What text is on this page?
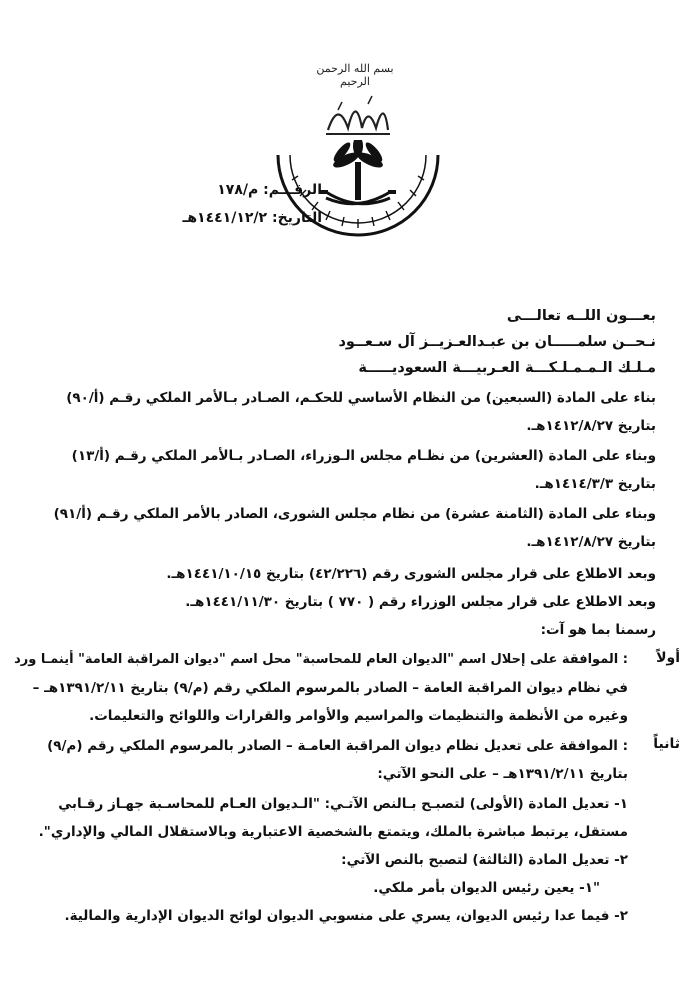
بسم الله الرحمن الرحيم
الرقـــم: م/١٧٨
التاريخ: ١٤٤١/١٢/٢هـ
بعـــون اللــه تعالـــى
نـحــن سلمـــــان بن عبـدالعـزيــز آل سـعــود
مـلـك الـمـمـلـكـــة العـربيـــة السعوديـــــة
بناء على المادة (السبعين) من النظام الأساسي للحكـم، الصـادر بـالأمر الملكي رقـم (أ/٩٠)
بتاريخ ١٤١٢/٨/٢٧هـ.
وبناء على المادة (العشرين) من نظـام مجلس الـوزراء، الصـادر بـالأمر الملكي رقـم (أ/١٣)
بتاريخ ١٤١٤/٣/٣هـ.
وبناء على المادة (الثامنة عشرة) من نظام مجلس الشورى، الصادر بالأمر الملكي رقـم (أ/٩١)
بتاريخ ١٤١٢/٨/٢٧هـ.
وبعد الاطلاع على قرار مجلس الشورى رقم (٤٢/٢٢٦) بتاريخ ١٤٤١/١٠/١٥هـ.
وبعد الاطلاع على قرار مجلس الوزراء رقم ( ٧٧٠ ) بتاريخ ١٤٤١/١١/٣٠هـ.
رسمنا بما هو آت:
أولاً
: الموافقة على إحلال اسم "الديوان العام للمحاسبة" محل اسم "ديوان المراقبة العامة" أينمـا ورد
في نظام ديوان المراقبة العامة – الصادر بالمرسوم الملكي رقم (م/٩) بتاريخ ١٣٩١/٢/١١هـ –
وغيره من الأنظمة والتنظيمات والمراسيم والأوامر والقرارات واللوائح والتعليمات.
ثانياً
: الموافقة على تعديل نظام ديوان المراقبة العامـة – الصادر بالمرسوم الملكي رقم (م/٩)
بتاريخ ١٣٩١/٢/١١هـ – على النحو الآتي:
١- تعديل المادة (الأولى) لتصبـح بـالنص الآتـي: "الـديوان العـام للمحاسـبة جهـاز رقـابي
مستقل، يرتبط مباشرة بالملك، ويتمتع بالشخصية الاعتبارية وبالاستقلال المالي والإداري".
٢- تعديل المادة (الثالثة) لتصبح بالنص الآتي:
"١- يعين رئيس الديوان بأمر ملكي.
٢- فيما عدا رئيس الديوان، يسري على منسوبي الديوان لوائح الديوان الإدارية والمالية.
